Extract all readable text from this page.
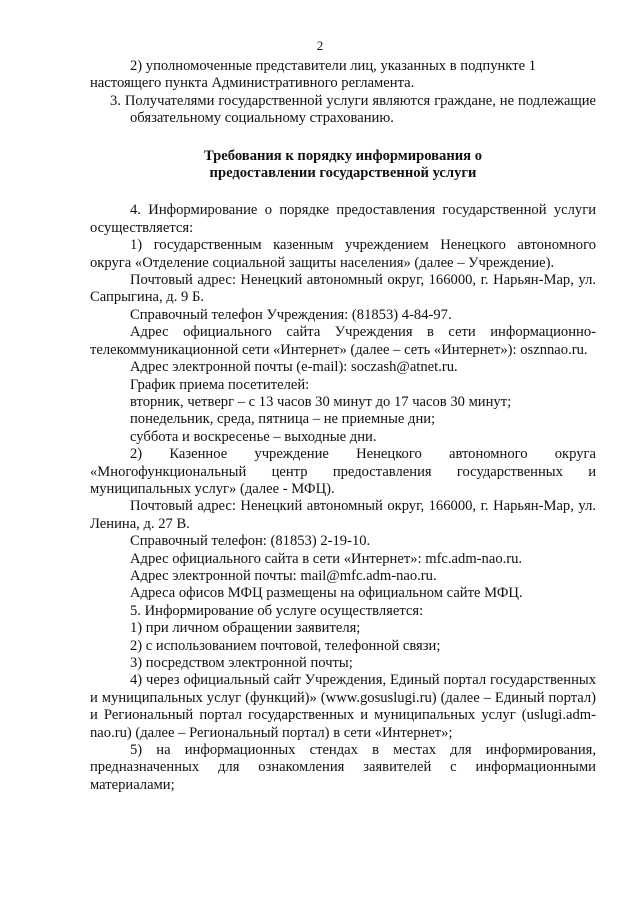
2

2) уполномоченные представители лиц, указанных в подпункте 1

настоящего пункта Административного регламента.

3. Получателями государственной услуги являются граждане, не подлежащие обязательному социальному страхованию.

Требования к порядку информирования о
предоставлении государственной услуги

4. Информирование о порядке предоставления государственной услуги осуществляется:

1) государственным казенным учреждением Ненецкого автономного округа «Отделение социальной защиты населения» (далее – Учреждение).

Почтовый адрес: Ненецкий автономный округ, 166000, г. Нарьян-Мар, ул. Сапрыгина, д. 9 Б.

Справочный телефон Учреждения: (81853) 4-84-97.

Адрес официального сайта Учреждения в сети информационно-телекоммуникационной сети «Интернет» (далее – сеть «Интернет»): osznnao.ru.

Адрес электронной почты (e-mail): soczash@atnet.ru.

График приема посетителей:

вторник, четверг – с 13 часов 30 минут до 17 часов 30 минут;

понедельник, среда, пятница – не приемные дни;

суббота и воскресенье – выходные дни.

2) Казенное учреждение Ненецкого автономного округа «Многофункциональный центр предоставления государственных и муниципальных услуг» (далее - МФЦ).

Почтовый адрес: Ненецкий автономный округ, 166000, г. Нарьян-Мар, ул. Ленина, д. 27 В.

Справочный телефон: (81853) 2-19-10.

Адрес официального сайта в сети «Интернет»: mfc.adm-nao.ru.

Адрес электронной почты: mail@mfc.adm-nao.ru.

Адреса офисов МФЦ размещены на официальном сайте МФЦ.

5. Информирование об услуге осуществляется:

1) при личном обращении заявителя;

2) с использованием почтовой, телефонной связи;

3) посредством электронной почты;

4) через официальный сайт Учреждения, Единый портал государственных и муниципальных услуг (функций)» (www.gosuslugi.ru) (далее – Единый портал) и Региональный портал государственных и муниципальных услуг (uslugi.adm-nao.ru) (далее – Региональный портал) в сети «Интернет»;

5) на информационных стендах в местах для информирования, предназначенных для ознакомления заявителей с информационными материалами;
